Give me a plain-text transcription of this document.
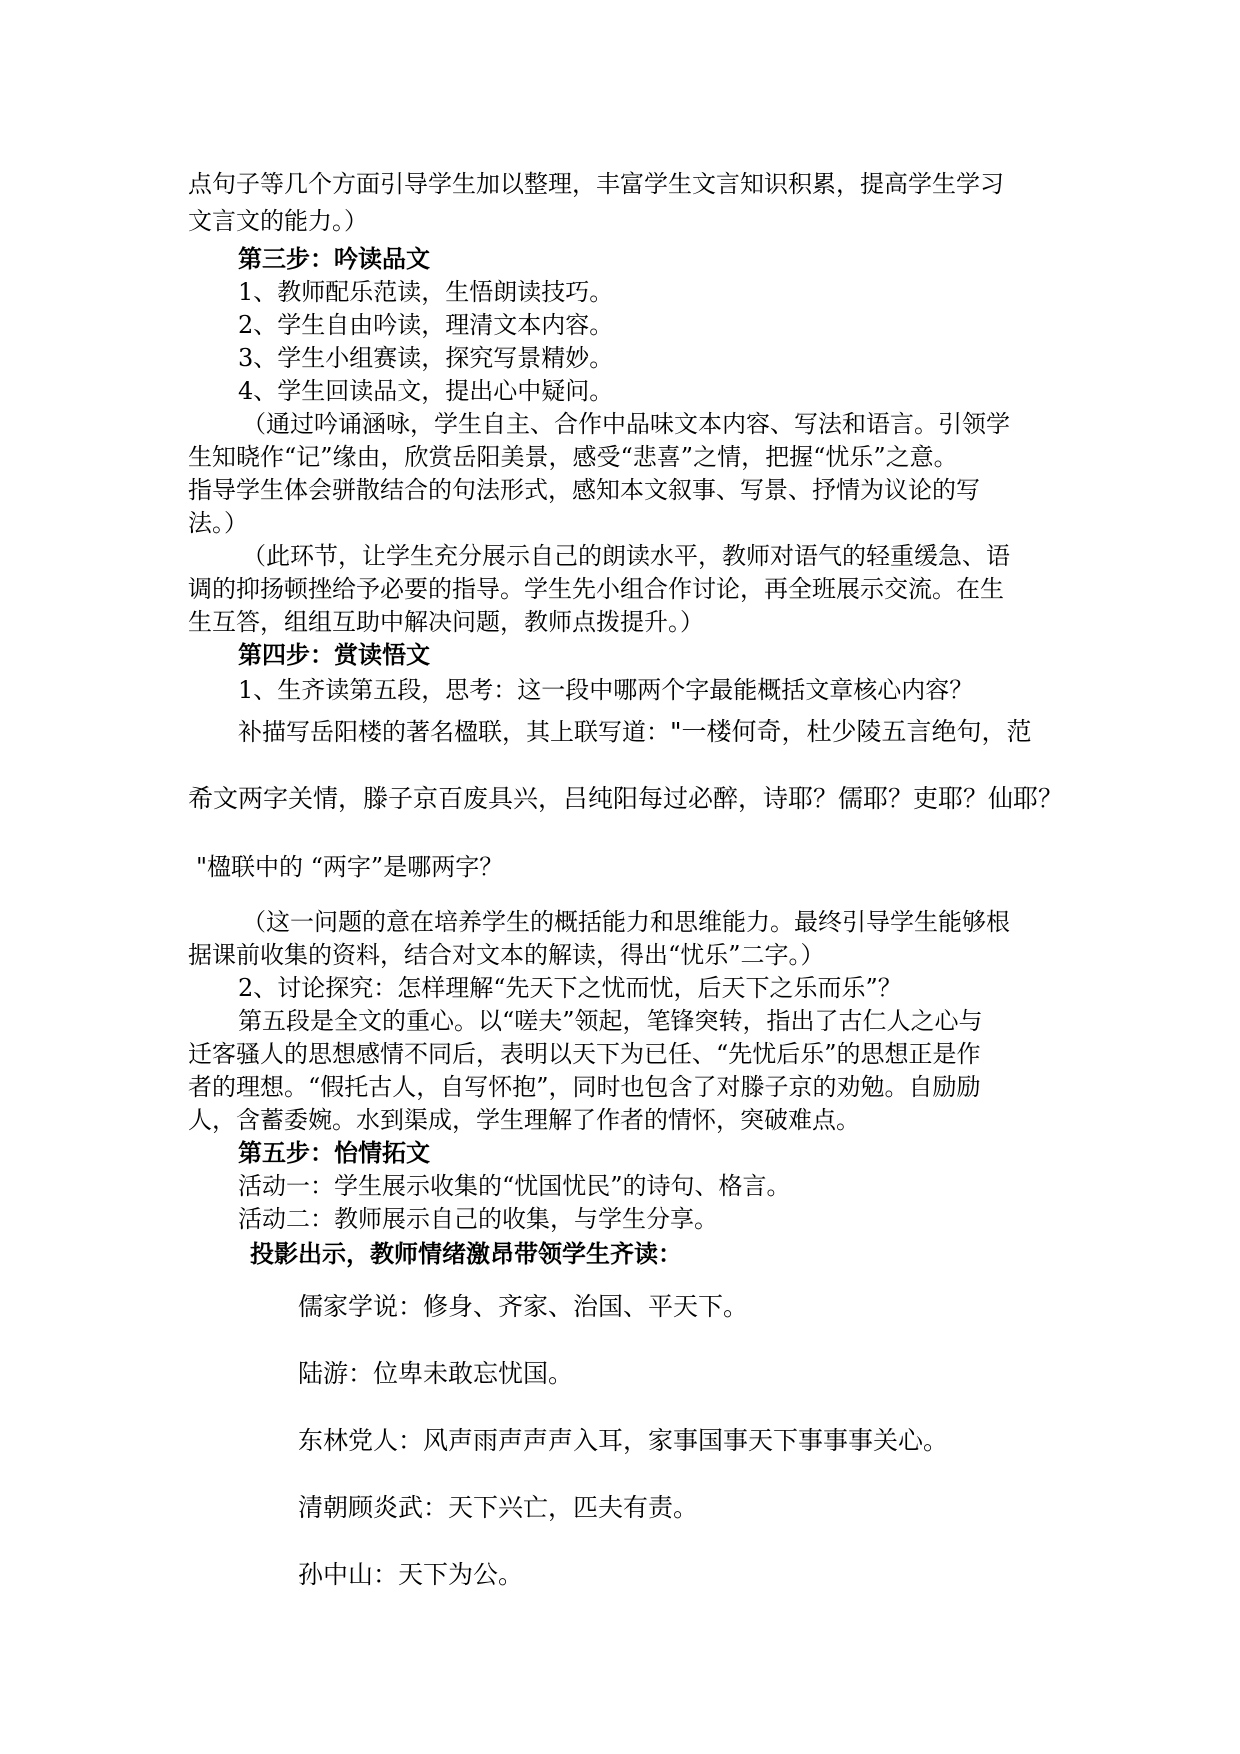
点句子等几个方面引导学生加以整理，丰富学生文言知识积累，提高学生学习
文言文的能力。）
第三步：吟读品文
1、教师配乐范读，生悟朗读技巧。
2、学生自由吟读，理清文本内容。
3、学生小组赛读，探究写景精妙。
4、学生回读品文，提出心中疑问。
（通过吟诵涵咏，学生自主、合作中品味文本内容、写法和语言。引领学
生知晓作“记”缘由，欣赏岳阳美景，感受“悲喜”之情，把握“忧乐”之意。
指导学生体会骈散结合的句法形式，感知本文叙事、写景、抒情为议论的写
法。）
（此环节，让学生充分展示自己的朗读水平，教师对语气的轻重缓急、语
调的抑扬顿挫给予必要的指导。学生先小组合作讨论，再全班展示交流。在生
生互答，组组互助中解决问题，教师点拨提升。）
第四步：赏读悟文
1、生齐读第五段，思考：这一段中哪两个字最能概括文章核心内容？
补描写岳阳楼的著名楹联，其上联写道："一楼何奇，杜少陵五言绝句，范
希文两字关情，滕子京百废具兴，吕纯阳每过必醉，诗耶？儒耶？吏耶？仙耶？
"楹联中的 “两字”是哪两字？
（这一问题的意在培养学生的概括能力和思维能力。最终引导学生能够根
据课前收集的资料，结合对文本的解读，得出“忧乐”二字。）
2、讨论探究：怎样理解“先天下之忧而忧，后天下之乐而乐”？
第五段是全文的重心。以“嗟夫”领起，笔锋突转，指出了古仁人之心与
迁客骚人的思想感情不同后，表明以天下为已任、“先忧后乐”的思想正是作
者的理想。“假托古人，自写怀抱”，同时也包含了对滕子京的劝勉。自励励
人，含蓄委婉。水到渠成，学生理解了作者的情怀，突破难点。
第五步：怡情拓文
活动一：学生展示收集的“忧国忧民”的诗句、格言。
活动二：教师展示自己的收集，与学生分享。
投影出示，教师情绪激昂带领学生齐读：
儒家学说：修身、齐家、治国、平天下。
陆游：位卑未敢忘忧国。
东林党人：风声雨声声声入耳，家事国事天下事事事关心。
清朝顾炎武：天下兴亡，匹夫有责。
孙中山：天下为公。
